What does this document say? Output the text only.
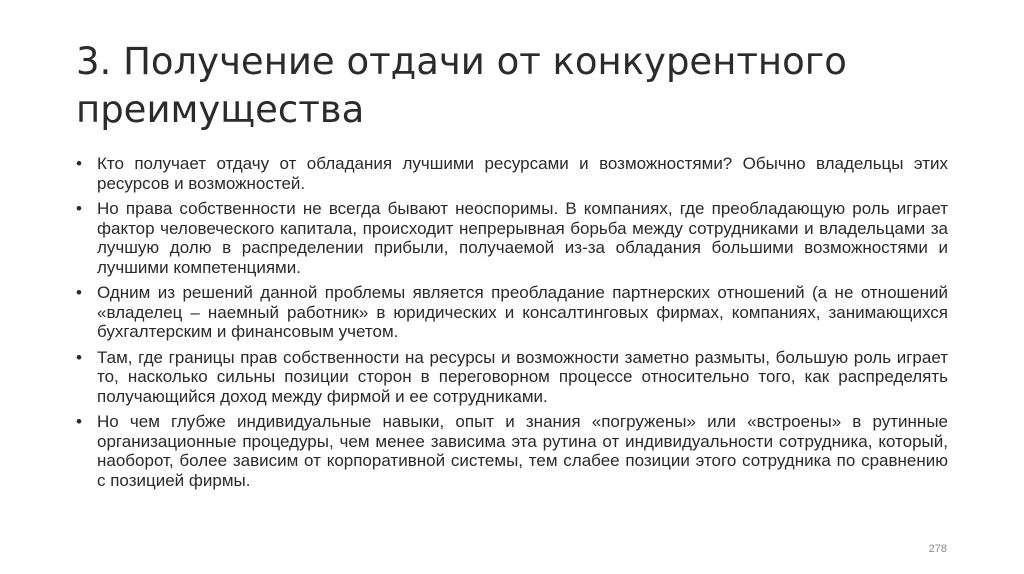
3. Получение отдачи от конкурентного преимущества
• Кто получает отдачу от обладания лучшими ресурсами и возможностями? Обычно владельцы этих ресурсов и возможностей.
• Но права собственности не всегда бывают неоспоримы. В компаниях, где преобладающую роль играет фактор человеческого капитала, происходит непрерывная борьба между сотрудниками и владельцами за лучшую долю в распределении прибыли, получаемой из-за обладания большими возможностями и лучшими компетенциями.
• Одним из решений данной проблемы является преобладание партнерских отношений (а не отношений «владелец – наемный работник» в юридических и консалтинговых фирмах, компаниях, занимающихся бухгалтерским и финансовым учетом.
• Там, где границы прав собственности на ресурсы и возможности заметно размыты, большую роль играет то, насколько сильны позиции сторон в переговорном процессе относительно того, как распределять получающийся доход между фирмой и ее сотрудниками.
• Но чем глубже индивидуальные навыки, опыт и знания «погружены» или «встроены» в рутинные организационные процедуры, чем менее зависима эта рутина от индивидуальности сотрудника, который, наоборот, более зависим от корпоративной системы, тем слабее позиции этого сотрудника по сравнению с позицией фирмы.
278
